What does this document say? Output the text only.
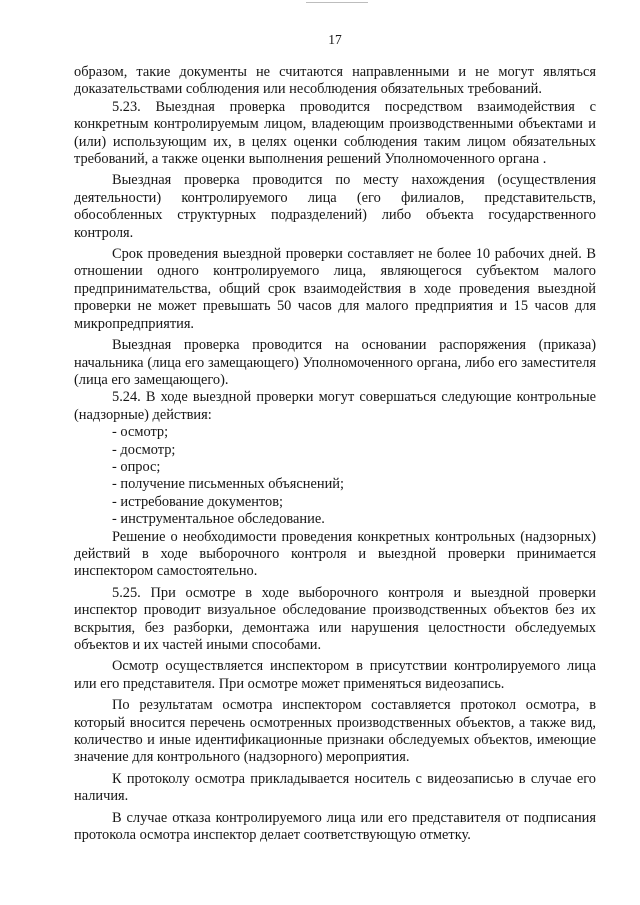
17

образом, такие документы не считаются направленными и не могут являться доказательствами соблюдения или несоблюдения обязательных требований.

5.23. Выездная проверка проводится посредством взаимодействия с конкретным контролируемым лицом, владеющим производственными объектами и (или) использующим их, в целях оценки соблюдения таким лицом обязательных требований, а также оценки выполнения решений Уполномоченного органа .

Выездная проверка проводится по месту нахождения (осуществления деятельности) контролируемого лица (его филиалов, представительств, обособленных структурных подразделений) либо объекта государственного контроля.

Срок проведения выездной проверки составляет не более 10 рабочих дней. В отношении одного контролируемого лица, являющегося субъектом малого предпринимательства, общий срок взаимодействия в ходе проведения выездной проверки не может превышать 50 часов для малого предприятия и 15 часов для микропредприятия.

Выездная проверка проводится на основании распоряжения (приказа) начальника (лица его замещающего) Уполномоченного органа, либо его заместителя (лица его замещающего).

5.24. В ходе выездной проверки могут совершаться следующие контрольные (надзорные) действия:

- осмотр;
- досмотр;
- опрос;
- получение письменных объяснений;
- истребование документов;
- инструментальное обследование.

Решение о необходимости проведения конкретных контрольных (надзорных) действий в ходе выборочного контроля и выездной проверки принимается инспектором самостоятельно.

5.25. При осмотре в ходе выборочного контроля и выездной проверки инспектор проводит визуальное обследование производственных объектов без их вскрытия, без разборки, демонтажа или нарушения целостности обследуемых объектов и их частей иными способами.

Осмотр осуществляется инспектором в присутствии контролируемого лица или его представителя. При осмотре может применяться видеозапись.

По результатам осмотра инспектором составляется протокол осмотра, в который вносится перечень осмотренных производственных объектов, а также вид, количество и иные идентификационные признаки обследуемых объектов, имеющие значение для контрольного (надзорного) мероприятия.

К протоколу осмотра прикладывается носитель с видеозаписью в случае его наличия.

В случае отказа контролируемого лица или его представителя от подписания протокола осмотра инспектор делает соответствующую отметку.
